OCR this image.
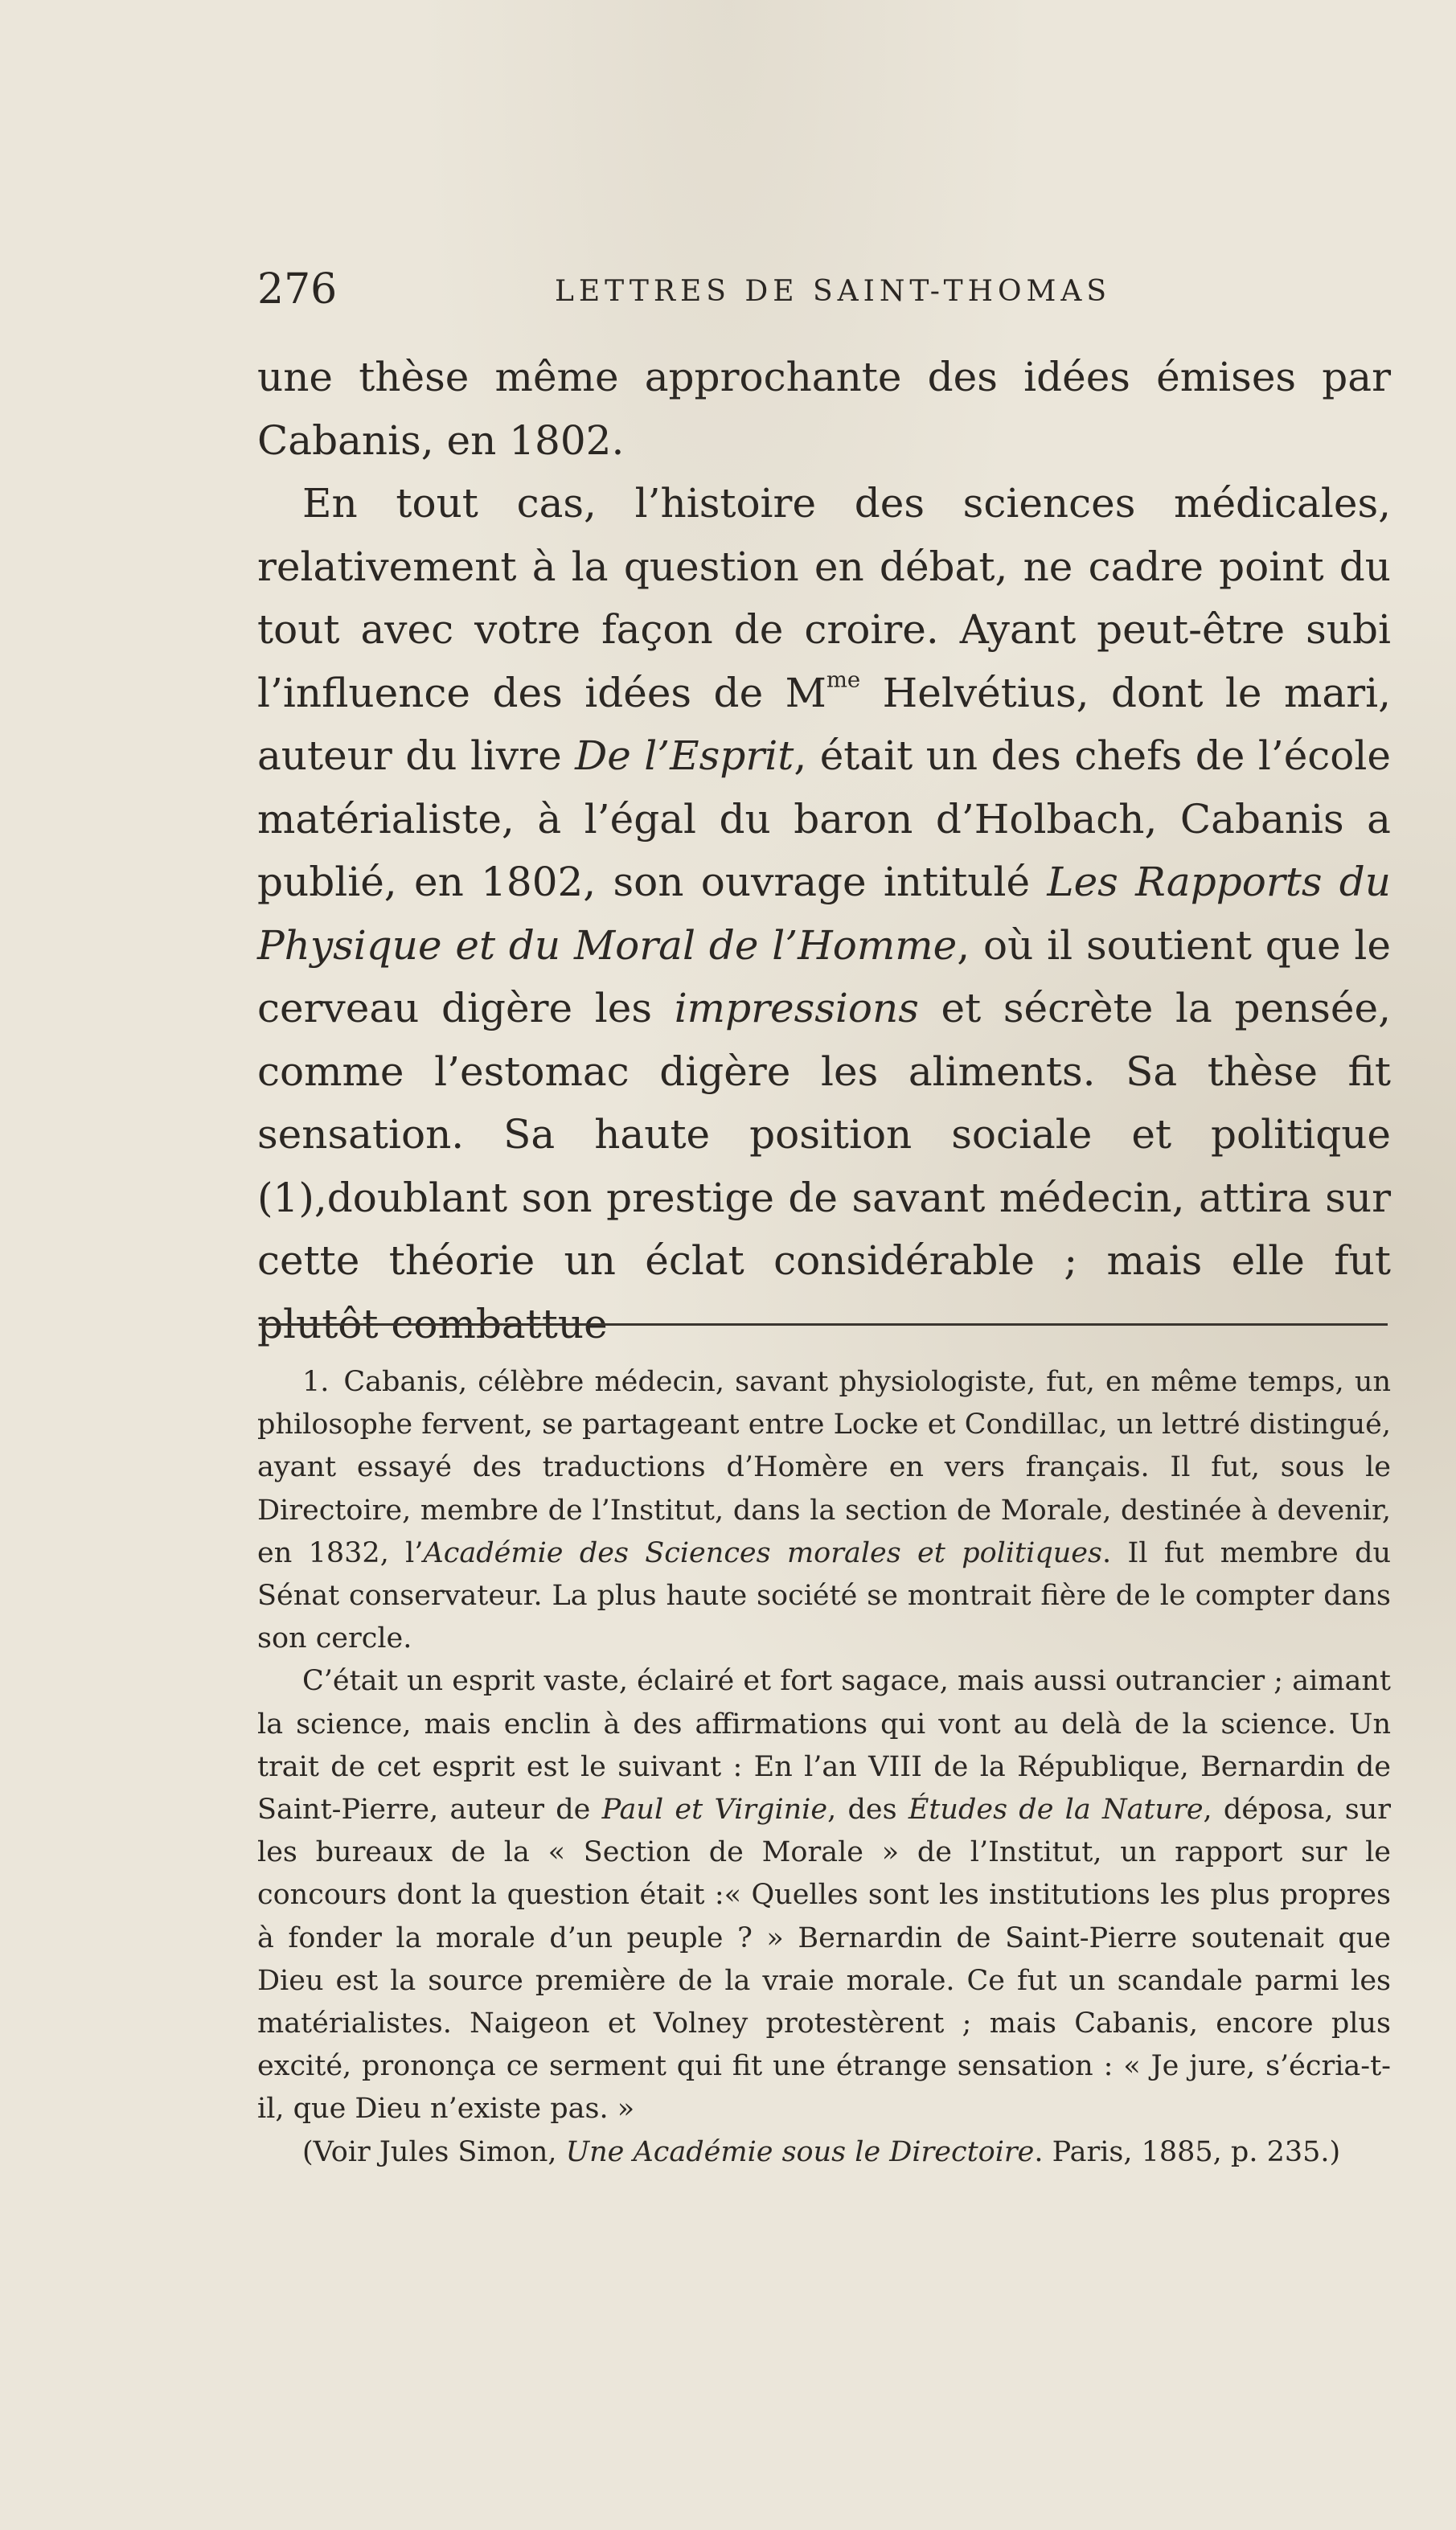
276	LETTRES DE SAINT-THOMAS

une thèse même approchante des idées émises par Cabanis, en 1802.

En tout cas, l’histoire des sciences médicales, relativement à la question en débat, ne cadre point du tout avec votre façon de croire. Ayant peut-être subi l’influence des idées de $M^{me}$ Helvétius, dont le mari, auteur du livre De l’Esprit, était un des chefs de l’école matérialiste, à l’égal du baron d’Holbach, Cabanis a publié, en 1802, son ouvrage intitulé Les Rapports du Physique et du Moral de l’Homme, où il soutient que le cerveau digère les impressions et sécrète la pensée, comme l’estomac digère les aliments. Sa thèse fit sensation. Sa haute position sociale et politique (1),doublant son prestige de savant médecin, attira sur cette théorie un éclat considérable ; mais elle fut plutôt combattue

1. Cabanis, célèbre médecin, savant physiologiste, fut, en même temps, un philosophe fervent, se partageant entre Locke et Condillac, un lettré distingué, ayant essayé des traductions d’Homère en vers français. Il fut, sous le Directoire, membre de l’Institut, dans la section de Morale, destinée à devenir, en 1832, l’Académie des Sciences morales et politiques. Il fut membre du Sénat conservateur. La plus haute société se montrait fière de le compter dans son cercle.

C’était un esprit vaste, éclairé et fort sagace, mais aussi outrancier ; aimant la science, mais enclin à des affirmations qui vont au delà de la science. Un trait de cet esprit est le suivant : En l’an VIII de la République, Bernardin de Saint-Pierre, auteur de Paul et Virginie, des Études de la Nature, déposa, sur les bureaux de la « Section de Morale » de l’Institut, un rapport sur le concours dont la question était :« Quelles sont les institutions les plus propres à fonder la morale d’un peuple ? » Bernardin de Saint-Pierre soutenait que Dieu est la source première de la vraie morale. Ce fut un scandale parmi les matérialistes. Naigeon et Volney protestèrent ; mais Cabanis, encore plus excité, prononça ce serment qui fit une étrange sensation : « Je jure, s’écria-t-il, que Dieu n’existe pas. »

(Voir Jules Simon, Une Académie sous le Directoire. Paris, 1885, p. 235.)
